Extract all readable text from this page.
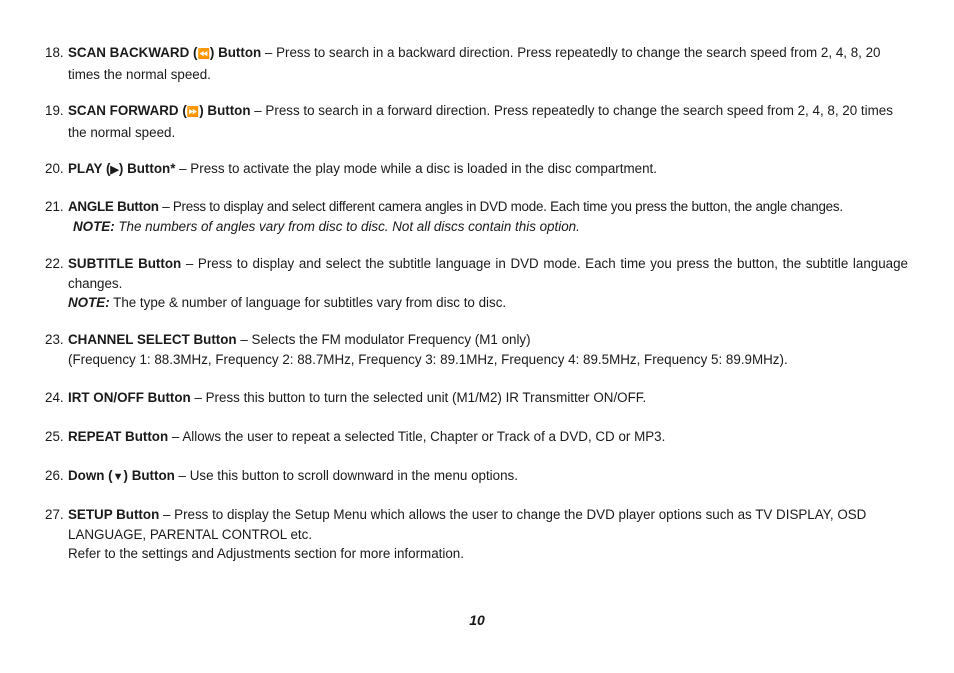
18. SCAN BACKWARD (⏪) Button – Press to search in a backward direction. Press repeatedly to change the search speed from 2, 4, 8, 20 times the normal speed.
19. SCAN FORWARD (⏩) Button – Press to search in a forward direction. Press repeatedly to change the search speed from 2, 4, 8, 20 times the normal speed.
20. PLAY (▶) Button* – Press to activate the play mode while a disc is loaded in the disc compartment.
21. ANGLE Button – Press to display and select different camera angles in DVD mode. Each time you press the button, the angle changes.
NOTE: The numbers of angles vary from disc to disc. Not all discs contain this option.
22. SUBTITLE Button – Press to display and select the subtitle language in DVD mode. Each time you press the button, the subtitle language changes.
NOTE: The type & number of language for subtitles vary from disc to disc.
23. CHANNEL SELECT Button – Selects the FM modulator Frequency (M1 only)
(Frequency 1: 88.3MHz, Frequency 2: 88.7MHz, Frequency 3: 89.1MHz, Frequency 4: 89.5MHz, Frequency 5: 89.9MHz).
24. IRT ON/OFF Button – Press this button to turn the selected unit (M1/M2) IR Transmitter ON/OFF.
25. REPEAT Button – Allows the user to repeat a selected Title, Chapter or Track of a DVD, CD or MP3.
26. Down (▼) Button – Use this button to scroll downward in the menu options.
27. SETUP Button – Press to display the Setup Menu which allows the user to change the DVD player options such as TV DISPLAY, OSD LANGUAGE, PARENTAL CONTROL etc.
Refer to the settings and Adjustments section for more information.
10
